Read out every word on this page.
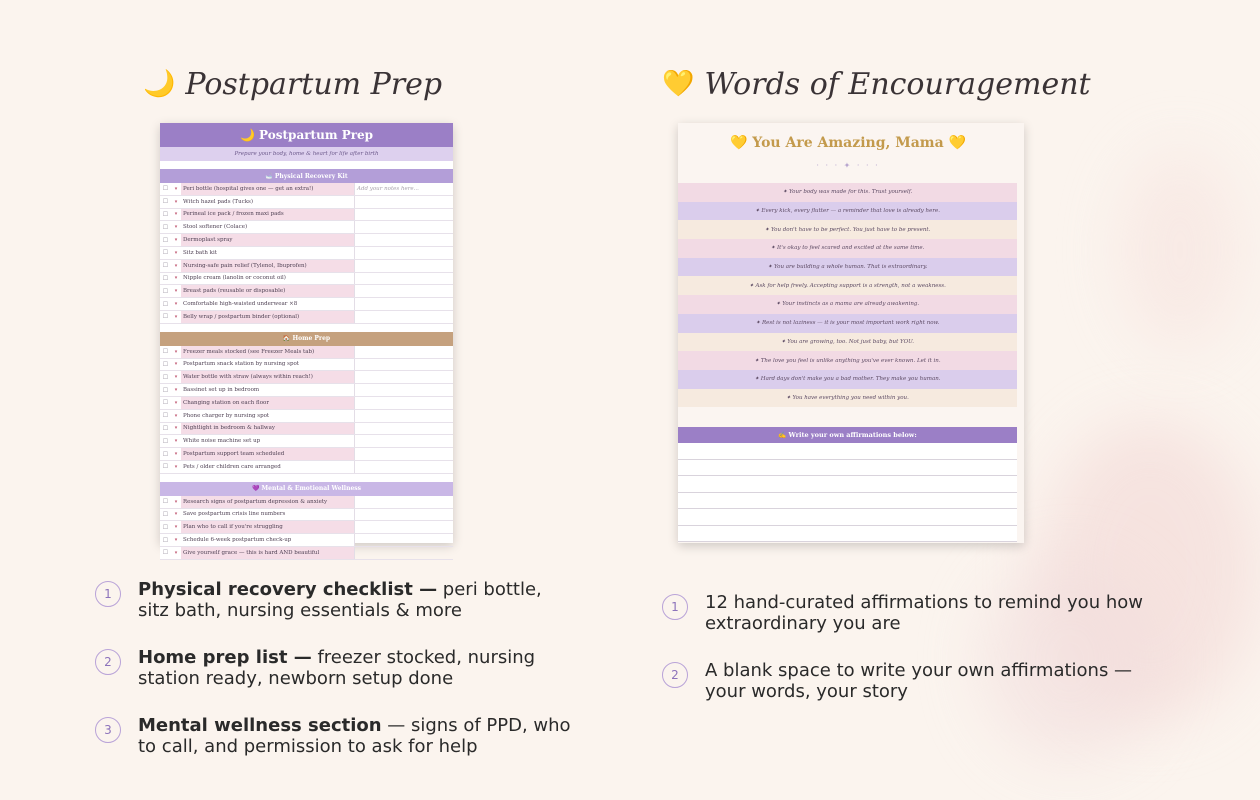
🌙 Postpartum Prep	💛 Words of Encouragement
🌙 Postpartum Prep
Prepare your body, home & heart for life after birth
🛁 Physical Recovery Kit
☐	▾	Peri bottle (hospital gives one — get an extra!)	Add your notes here...
☐	▾	Witch hazel pads (Tucks)
☐	▾	Perineal ice pack / frozen maxi pads
☐	▾	Stool softener (Colace)
☐	▾	Dermoplast spray
☐	▾	Sitz bath kit
☐	▾	Nursing-safe pain relief (Tylenol, Ibuprofen)
☐	▾	Nipple cream (lanolin or coconut oil)
☐	▾	Breast pads (reusable or disposable)
☐	▾	Comfortable high-waisted underwear ×8
☐	▾	Belly wrap / postpartum binder (optional)
🏠 Home Prep
☐	▾	Freezer meals stocked (see Freezer Meals tab)
☐	▾	Postpartum snack station by nursing spot
☐	▾	Water bottle with straw (always within reach!)
☐	▾	Bassinet set up in bedroom
☐	▾	Changing station on each floor
☐	▾	Phone charger by nursing spot
☐	▾	Nightlight in bedroom & hallway
☐	▾	White noise machine set up
☐	▾	Postpartum support team scheduled
☐	▾	Pets / older children care arranged
💜 Mental & Emotional Wellness
☐	▾	Research signs of postpartum depression & anxiety
☐	▾	Save postpartum crisis line numbers
☐	▾	Plan who to call if you're struggling
☐	▾	Schedule 6-week postpartum check-up
☐	▾	Give yourself grace — this is hard AND beautiful
💛 You Are Amazing, Mama 💛
· · · ✦ · · ·
✦ Your body was made for this. Trust yourself.
✦ Every kick, every flutter — a reminder that love is already here.
✦ You don't have to be perfect. You just have to be present.
✦ It's okay to feel scared and excited at the same time.
✦ You are building a whole human. That is extraordinary.
✦ Ask for help freely. Accepting support is a strength, not a weakness.
✦ Your instincts as a mama are already awakening.
✦ Rest is not laziness — it is your most important work right now.
✦ You are growing, too. Not just baby, but YOU.
✦ The love you feel is unlike anything you've ever known. Let it in.
✦ Hard days don't make you a bad mother. They make you human.
✦ You have everything you need within you.
✍ Write your own affirmations below:
1	Physical recovery checklist — peri bottle, sitz bath, nursing essentials & more
2	Home prep list — freezer stocked, nursing station ready, newborn setup done
3	Mental wellness section — signs of PPD, who to call, and permission to ask for help
1	12 hand-curated affirmations to remind you how extraordinary you are
2	A blank space to write your own affirmations — your words, your story
